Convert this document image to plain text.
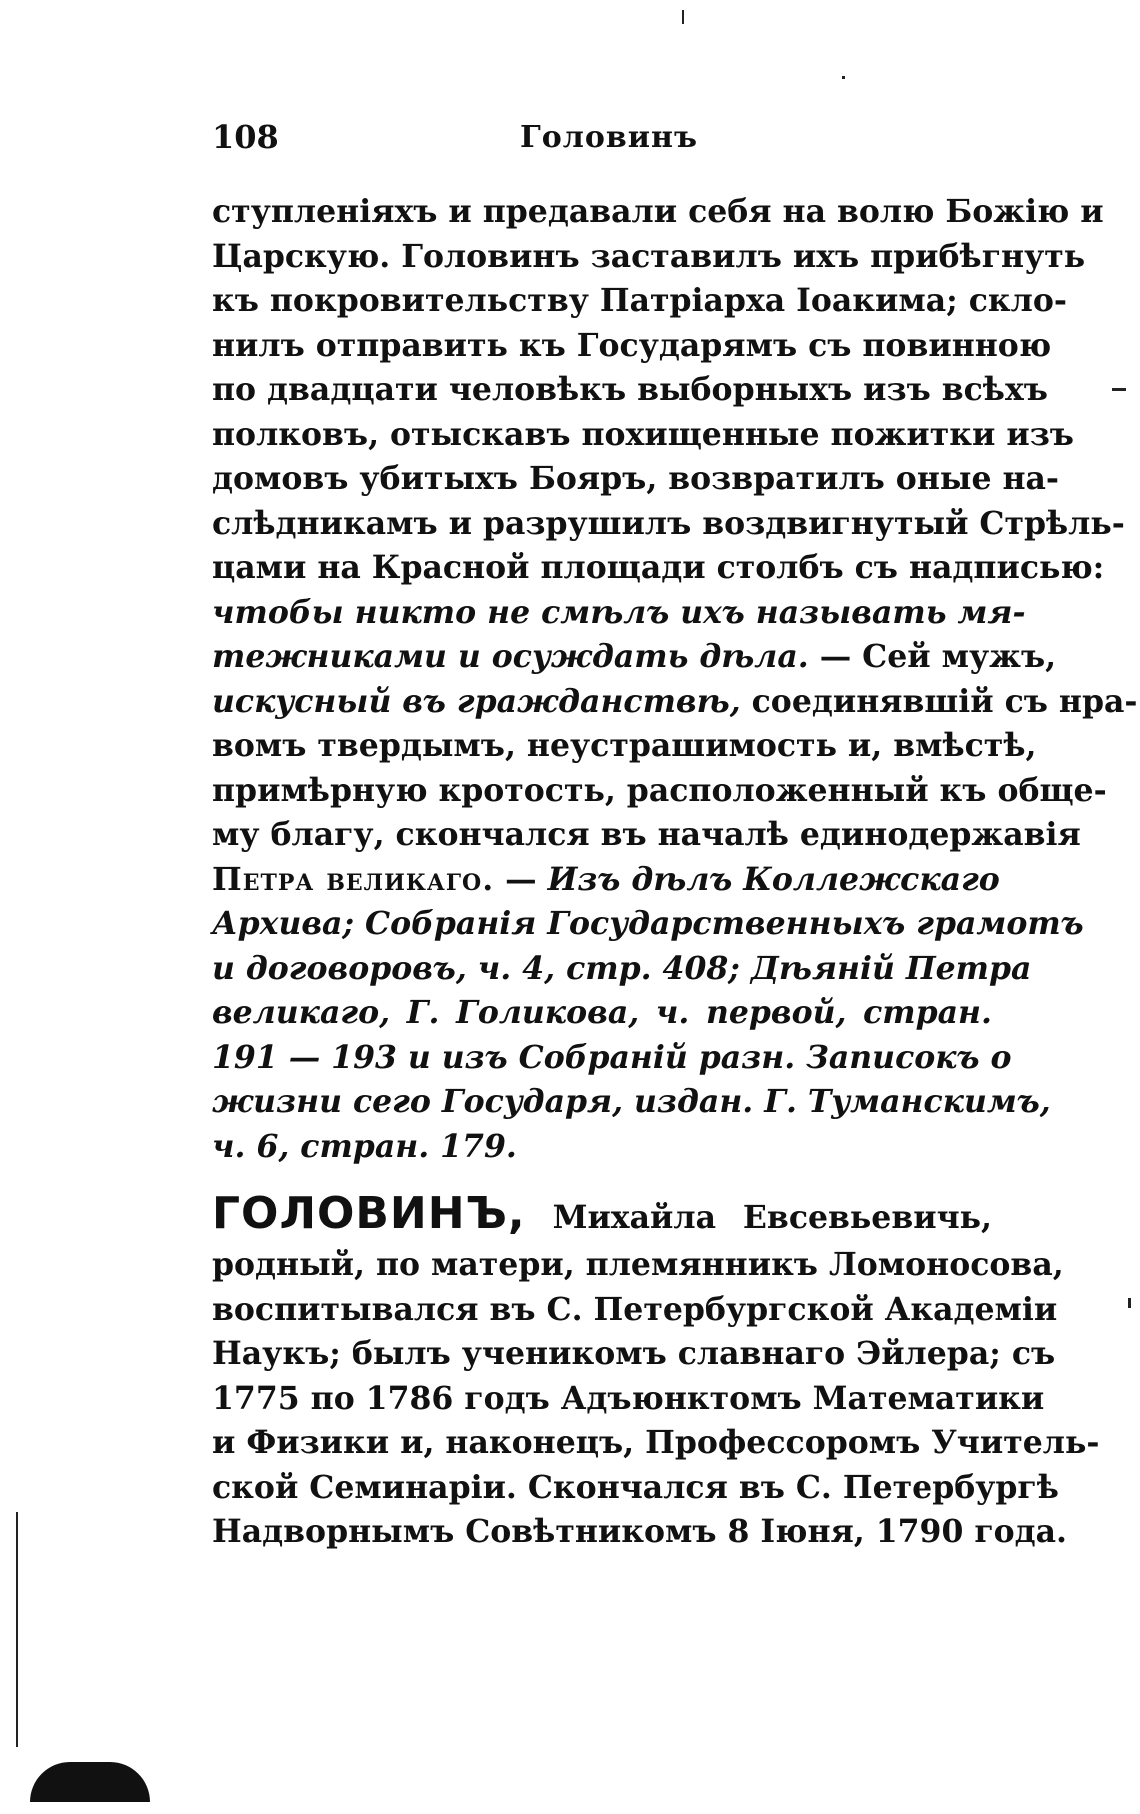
108	Головинъ
ступленіяхъ и предавали себя на волю Божію и
Царскую. Головинъ заставилъ ихъ прибѣгнуть
къ покровительству Патріарха Іоакима; скло-
нилъ отправить къ Государямъ съ повинною
по двадцати человѣкъ выборныхъ изъ всѣхъ
полковъ, отыскавъ похищенные пожитки изъ
домовъ убитыхъ Бояръ, возвратилъ оные на-
слѣдникамъ и разрушилъ воздвигнутый Стрѣль-
цами на Красной площади столбъ съ надписью:
чтобы никто не смѣлъ ихъ называть мя-
тежниками и осуждать дѣла. — Сей мужъ,
искусный въ гражданствѣ, соединявшій съ нра-
вомъ твердымъ, неустрашимость и, вмѣстѣ,
примѣрную кротость, расположенный къ обще-
му благу, скончался въ началѣ единодержавія
Петра великаго. — Изъ дѣлъ Коллежскаго
Архива; Собранія Государственныхъ грамотъ
и договоровъ, ч. 4, стр. 408; Дѣяній Петра
великаго, Г. Голикова, ч. первой, стран.
191 — 193 и изъ Собраній разн. Записокъ о
жизни сего Государя, издан. Г. Туманскимъ,
ч. 6, стран. 179.
ГОЛОВИНЪ, Михайла Евсевьевичь,
родный, по матери, племянникъ Ломоносова,
воспитывался въ С. Петербургской Академіи
Наукъ; былъ ученикомъ славнаго Эйлера; съ
1775 по 1786 годъ Адъюнктомъ Математики
и Физики и, наконецъ, Профессоромъ Учитель-
ской Семинаріи. Скончался въ С. Петербургѣ
Надворнымъ Совѣтникомъ 8 Іюня, 1790 года.
